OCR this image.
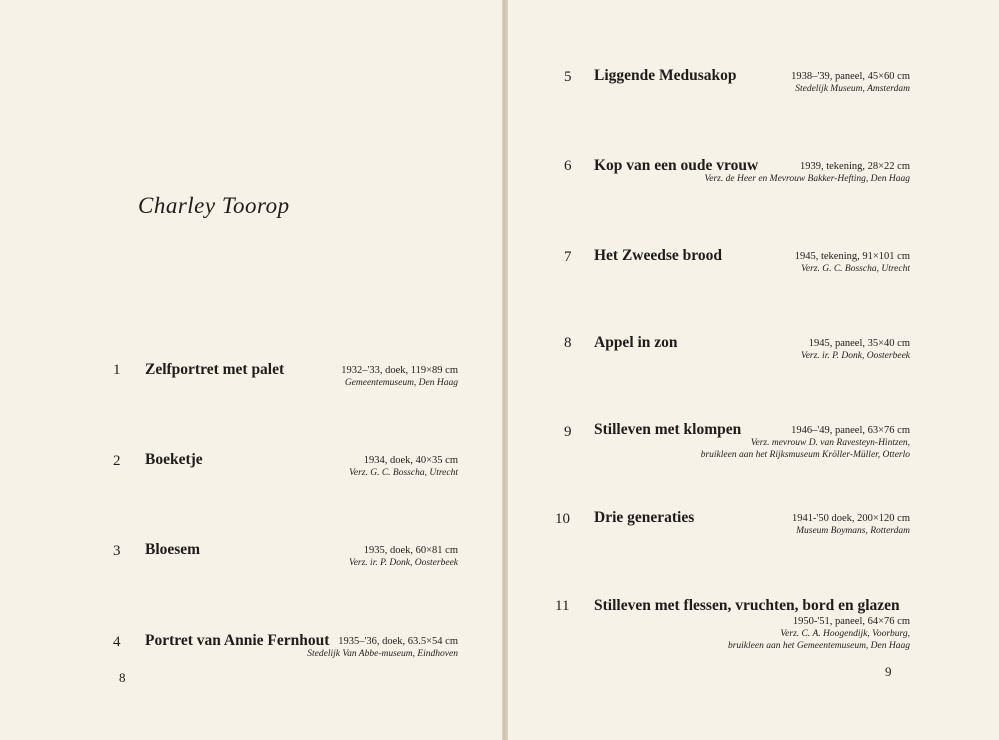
Charley Toorop
1	Zelfportret met palet	1932–'33, doek, 119×89 cm
Gemeentemuseum, Den Haag
2	Boeketje	1934, doek, 40×35 cm
Verz. G. C. Bosscha, Utrecht
3	Bloesem	1935, doek, 60×81 cm
Verz. ir. P. Donk, Oosterbeek
4	Portret van Annie Fernhout 1935–'36, doek, 63.5×54 cm
Stedelijk Van Abbe-museum, Eindhoven
8
5	Liggende Medusakop	1938–'39, paneel, 45×60 cm
Stedelijk Museum, Amsterdam
6	Kop van een oude vrouw	1939, tekening, 28×22 cm
Verz. de Heer en Mevrouw Bakker-Hefting, Den Haag
7	Het Zweedse brood	1945, tekening, 91×101 cm
Verz. G. C. Bosscha, Utrecht
8	Appel in zon	1945, paneel, 35×40 cm
Verz. ir. P. Donk, Oosterbeek
9	Stilleven met klompen	1946–'49, paneel, 63×76 cm
Verz. mevrouw D. van Ravesteyn-Hintzen,
bruikleen aan het Rijksmuseum Kröller-Müller, Otterlo
10	Drie generaties	1941-'50 doek, 200×120 cm
Museum Boymans, Rotterdam
11	Stilleven met flessen, vruchten, bord en glazen
1950-'51, paneel, 64×76 cm
Verz. C. A. Hoogendijk, Voorburg,
bruikleen aan het Gemeentemuseum, Den Haag
9
